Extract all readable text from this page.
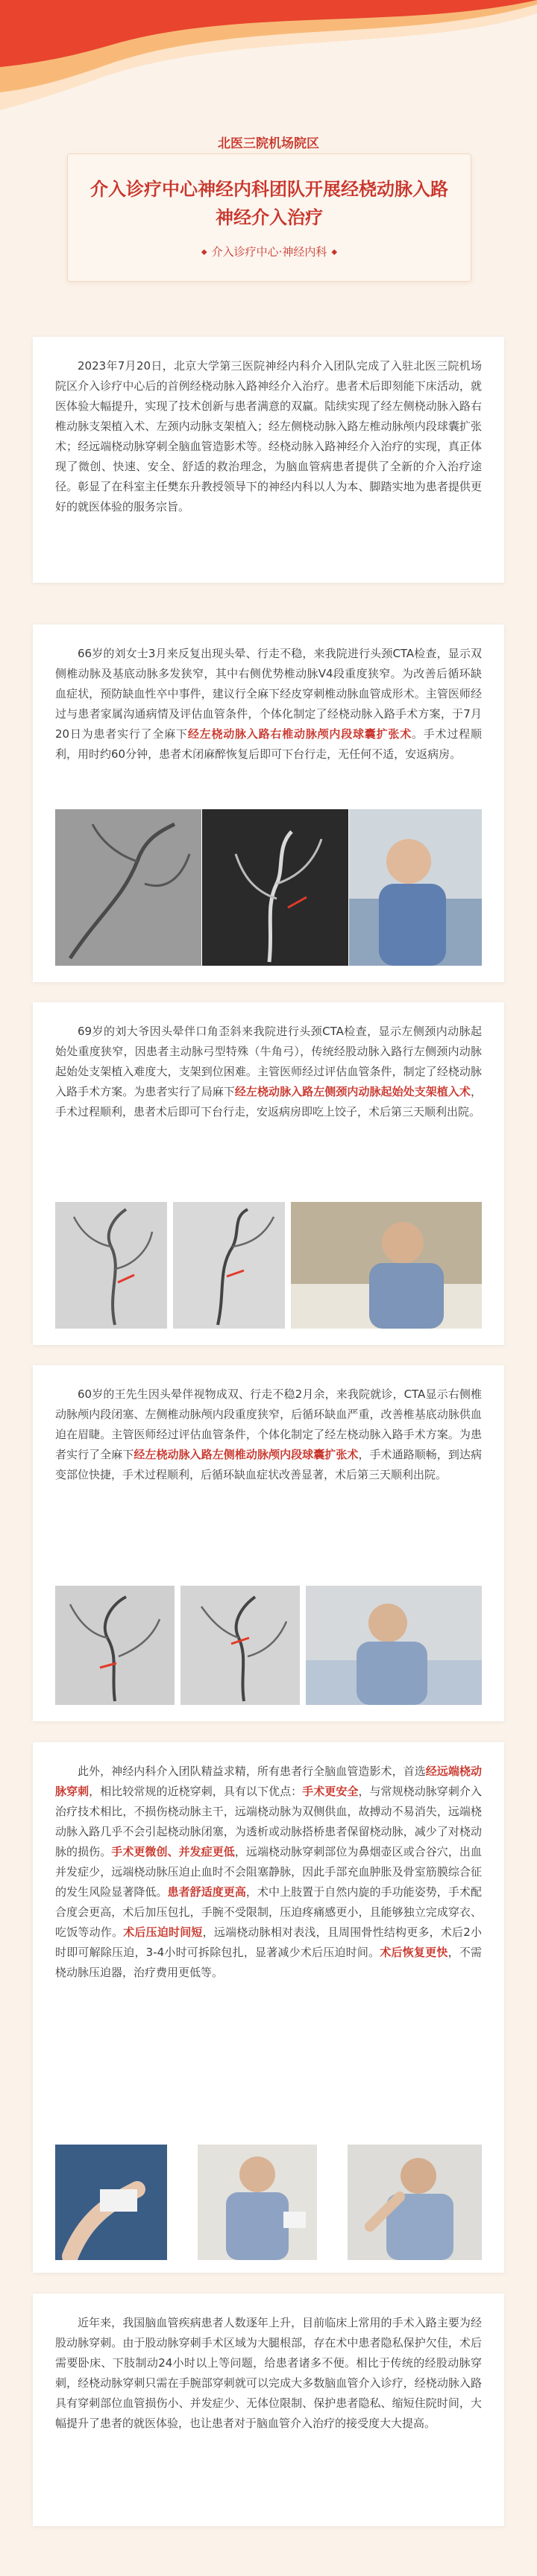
北医三院机场院区
介入诊疗中心神经内科团队开展经桡动脉入路
神经介入治疗
◆ 介入诊疗中心·神经内科 ◆

2023年7月20日，北京大学第三医院神经内科介入团队完成了入驻北医三院机场院区介入诊疗中心后的首例经桡动脉入路神经介入治疗。患者术后即刻能下床活动，就医体验大幅提升，实现了技术创新与患者满意的双赢。陆续实现了经左侧桡动脉入路右椎动脉支架植入术、左颈内动脉支架植入；经左侧桡动脉入路左椎动脉颅内段球囊扩张术；经远端桡动脉穿刺全脑血管造影术等。经桡动脉入路神经介入治疗的实现，真正体现了微创、快速、安全、舒适的救治理念，为脑血管病患者提供了全新的介入治疗途径。彰显了在科室主任樊东升教授领导下的神经内科以人为本、脚踏实地为患者提供更好的就医体验的服务宗旨。

66岁的刘女士3月来反复出现头晕、行走不稳，来我院进行头颈CTA检查，显示双侧椎动脉及基底动脉多发狭窄，其中右侧优势椎动脉V4段重度狭窄。为改善后循环缺血症状，预防缺血性卒中事件，建议行全麻下经皮穿刺椎动脉血管成形术。主管医师经过与患者家属沟通病情及评估血管条件，个体化制定了经桡动脉入路手术方案，于7月20日为患者实行了全麻下经左桡动脉入路右椎动脉颅内段球囊扩张术。手术过程顺利，用时约60分钟，患者术闭麻醉恢复后即可下台行走，无任何不适，安返病房。

69岁的刘大爷因头晕伴口角歪斜来我院进行头颈CTA检查，显示左侧颈内动脉起始处重度狭窄，因患者主动脉弓型特殊（牛角弓），传统经股动脉入路行左侧颈内动脉起始处支架植入难度大，支架到位困难。主管医师经过评估血管条件，制定了经桡动脉入路手术方案。为患者实行了局麻下经左桡动脉入路左侧颈内动脉起始处支架植入术，手术过程顺利，患者术后即可下台行走，安返病房即吃上饺子，术后第三天顺利出院。

60岁的王先生因头晕伴视物成双、行走不稳2月余，来我院就诊，CTA显示右侧椎动脉颅内段闭塞、左侧椎动脉颅内段重度狭窄，后循环缺血严重，改善椎基底动脉供血迫在眉睫。主管医师经过评估血管条件，个体化制定了经左桡动脉入路手术方案。为患者实行了全麻下经左桡动脉入路左侧椎动脉颅内段球囊扩张术，手术通路顺畅，到达病变部位快捷，手术过程顺利，后循环缺血症状改善显著，术后第三天顺利出院。

此外，神经内科介入团队精益求精，所有患者行全脑血管造影术，首选经远端桡动脉穿刺，相比较常规的近桡穿刺，具有以下优点：手术更安全，与常规桡动脉穿刺介入治疗技术相比，不损伤桡动脉主干，远端桡动脉为双侧供血，故搏动不易消失，远端桡动脉入路几乎不会引起桡动脉闭塞，为透析或动脉搭桥患者保留桡动脉，减少了对桡动脉的损伤。手术更微创、并发症更低，远端桡动脉穿刺部位为鼻烟壶区或合谷穴，出血并发症少，远端桡动脉压迫止血时不会阻塞静脉，因此手部充血肿胀及骨室筋膜综合征的发生风险显著降低。患者舒适度更高，术中上肢置于自然内旋的手功能姿势，手术配合度会更高，术后加压包扎，手腕不受限制，压迫疼痛感更小，且能够独立完成穿衣、吃饭等动作。术后压迫时间短，远端桡动脉相对表浅，且周围骨性结构更多，术后2小时即可解除压迫，3-4小时可拆除包扎，显著减少术后压迫时间。术后恢复更快，不需桡动脉压迫器，治疗费用更低等。

近年来，我国脑血管疾病患者人数逐年上升，目前临床上常用的手术入路主要为经股动脉穿刺。由于股动脉穿刺手术区域为大腿根部，存在术中患者隐私保护欠佳，术后需要卧床、下肢制动24小时以上等问题，给患者诸多不便。相比于传统的经股动脉穿刺，经桡动脉穿刺只需在手腕部穿刺就可以完成大多数脑血管介入诊疗，经桡动脉入路具有穿刺部位血管损伤小、并发症少、无体位限制、保护患者隐私、缩短住院时间，大幅提升了患者的就医体验，也让患者对于脑血管介入治疗的接受度大大提高。
